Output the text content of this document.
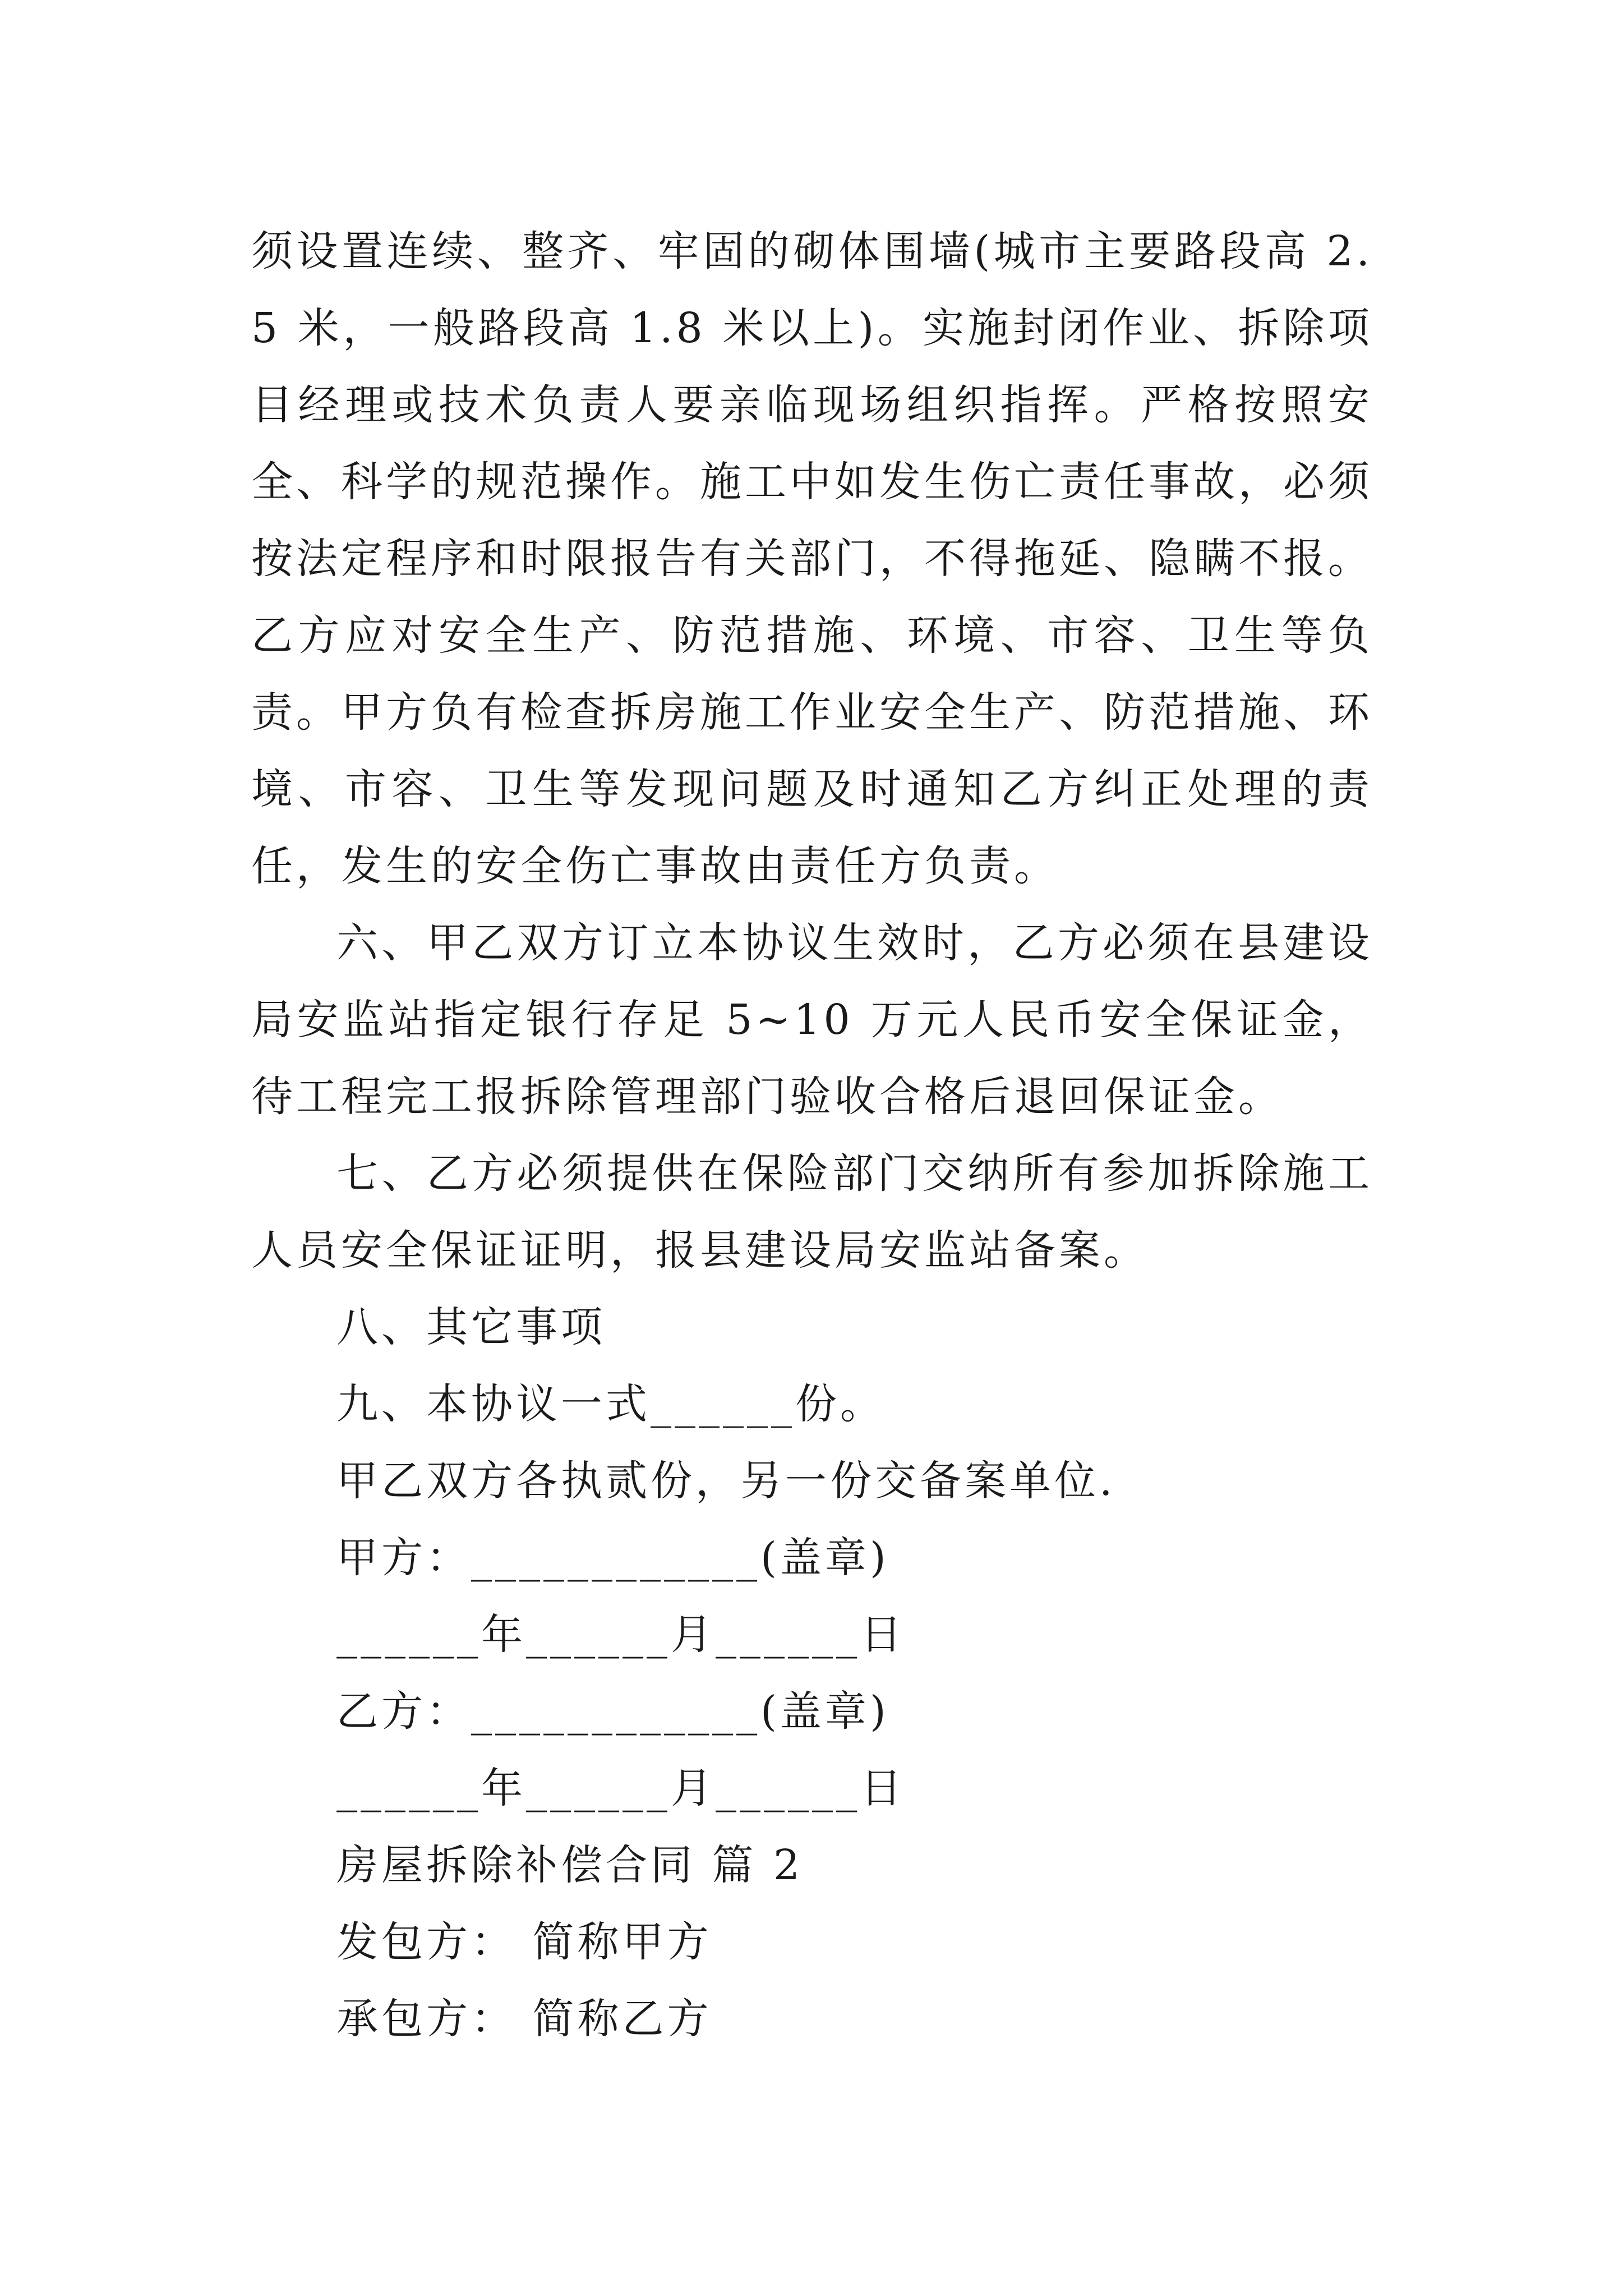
须设置连续、整齐、牢固的砌体围墙(城市主要路段高 2.5 米，一般路段高 1.8 米以上)。实施封闭作业、拆除项目经理或技术负责人要亲临现场组织指挥。严格按照安全、科学的规范操作。施工中如发生伤亡责任事故，必须按法定程序和时限报告有关部门，不得拖延、隐瞒不报。乙方应对安全生产、防范措施、环境、市容、卫生等负责。甲方负有检查拆房施工作业安全生产、防范措施、环境、市容、卫生等发现问题及时通知乙方纠正处理的责任，发生的安全伤亡事故由责任方负责。

六、甲乙双方订立本协议生效时，乙方必须在县建设局安监站指定银行存足 5~10 万元人民币安全保证金，待工程完工报拆除管理部门验收合格后退回保证金。

七、乙方必须提供在保险部门交纳所有参加拆除施工人员安全保证证明，报县建设局安监站备案。

八、其它事项

九、本协议一式______份。

甲乙双方各执贰份，另一份交备案单位.

甲方：____________(盖章)

______年______月______日

乙方：____________(盖章)

______年______月______日

房屋拆除补偿合同 篇 2

发包方： 简称甲方

承包方： 简称乙方
